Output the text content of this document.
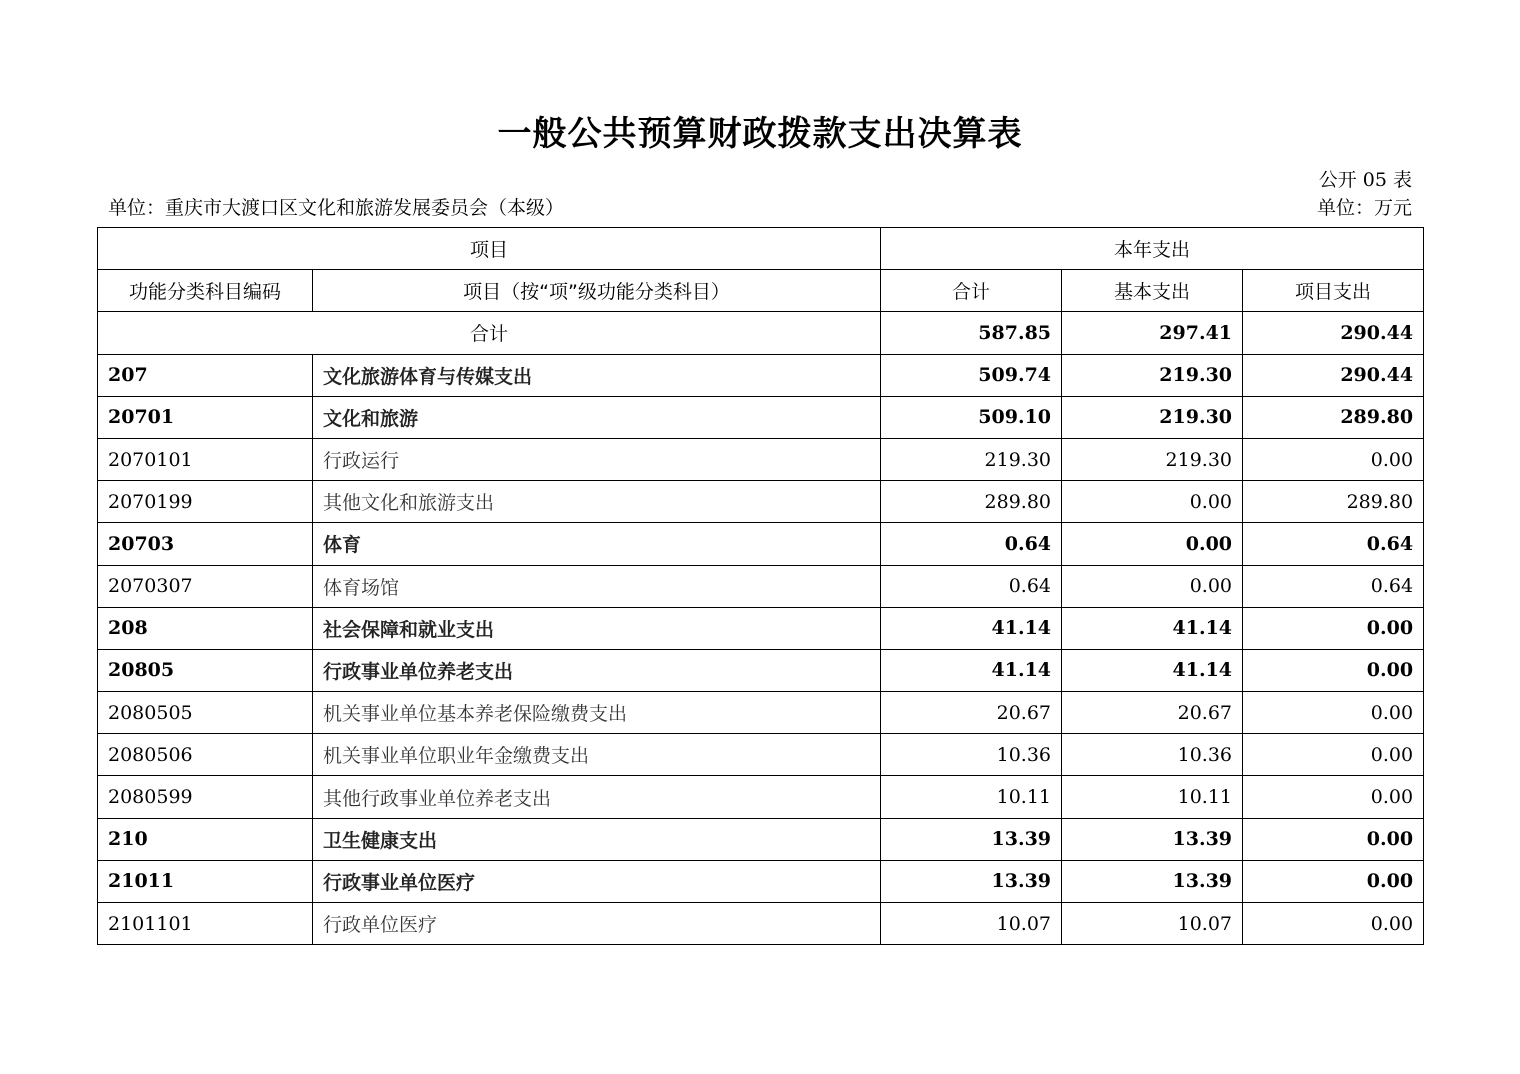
一般公共预算财政拨款支出决算表
公开 05 表
单位：重庆市大渡口区文化和旅游发展委员会（本级）	单位：万元
项目		本年支出		
功能分类科目编码	项目（按“项”级功能分类科目）	合计	基本支出	项目支出
合计		587.85	297.41	290.44
207	文化旅游体育与传媒支出	509.74	219.30	290.44
20701	文化和旅游	509.10	219.30	289.80
2070101	行政运行	219.30	219.30	0.00
2070199	其他文化和旅游支出	289.80	0.00	289.80
20703	体育	0.64	0.00	0.64
2070307	体育场馆	0.64	0.00	0.64
208	社会保障和就业支出	41.14	41.14	0.00
20805	行政事业单位养老支出	41.14	41.14	0.00
2080505	机关事业单位基本养老保险缴费支出	20.67	20.67	0.00
2080506	机关事业单位职业年金缴费支出	10.36	10.36	0.00
2080599	其他行政事业单位养老支出	10.11	10.11	0.00
210	卫生健康支出	13.39	13.39	0.00
21011	行政事业单位医疗	13.39	13.39	0.00
2101101	行政单位医疗	10.07	10.07	0.00
